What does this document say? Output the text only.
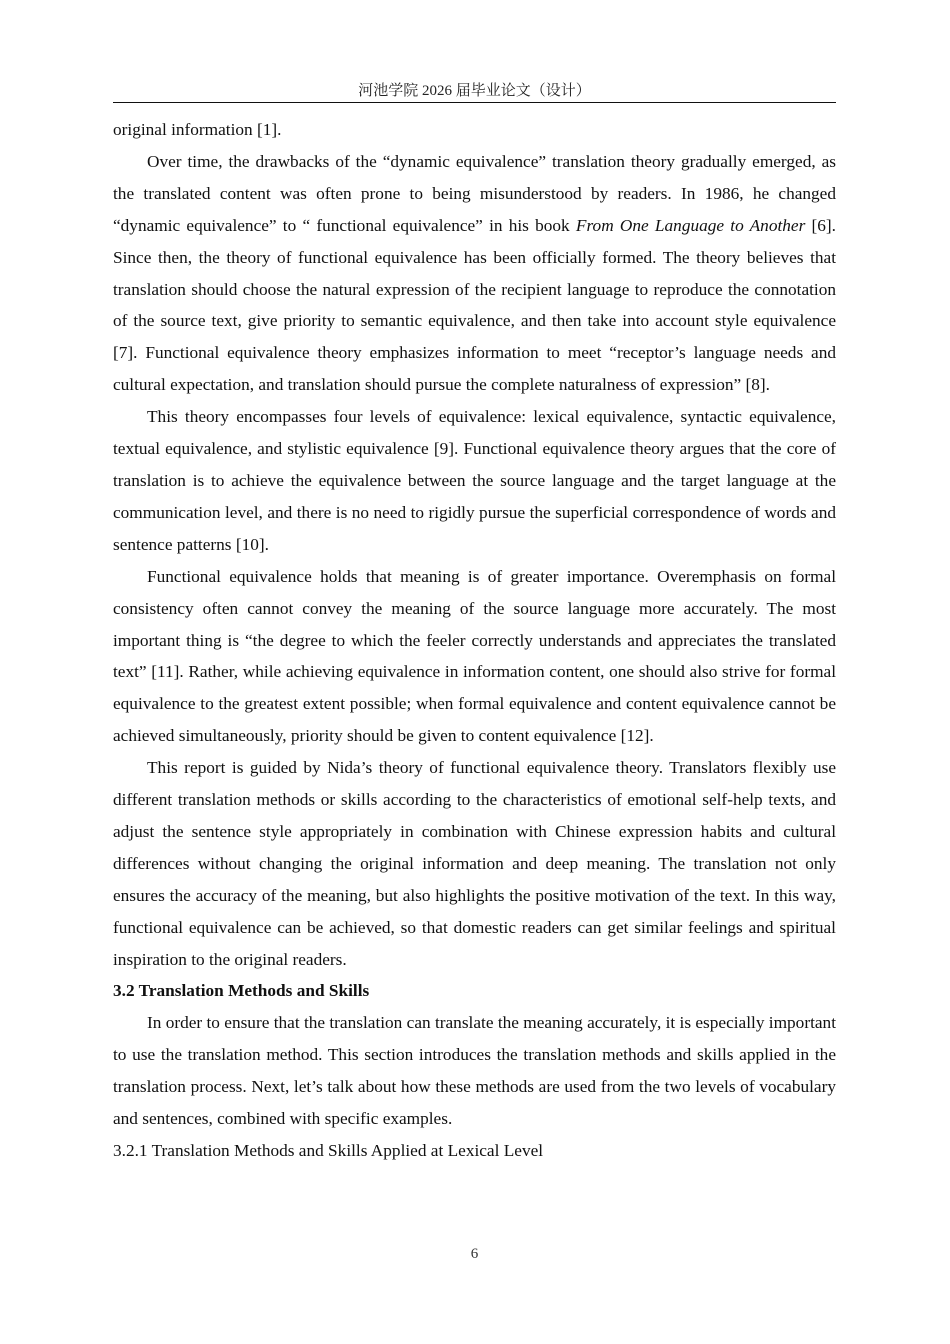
河池学院 2026 届毕业论文（设计）

original information [1].

Over time, the drawbacks of the “dynamic equivalence” translation theory gradually emerged, as the translated content was often prone to being misunderstood by readers. In 1986, he changed “dynamic equivalence” to “ functional equivalence” in his book From One Language to Another [6]. Since then, the theory of functional equivalence has been officially formed. The theory believes that translation should choose the natural expression of the recipient language to reproduce the connotation of the source text, give priority to semantic equivalence, and then take into account style equivalence [7]. Functional equivalence theory emphasizes information to meet “receptor’s language needs and cultural expectation, and translation should pursue the complete naturalness of expression” [8].

This theory encompasses four levels of equivalence: lexical equivalence, syntactic equivalence, textual equivalence, and stylistic equivalence [9]. Functional equivalence theory argues that the core of translation is to achieve the equivalence between the source language and the target language at the communication level, and there is no need to rigidly pursue the superficial correspondence of words and sentence patterns [10].

Functional equivalence holds that meaning is of greater importance. Overemphasis on formal consistency often cannot convey the meaning of the source language more accurately. The most important thing is “the degree to which the feeler correctly understands and appreciates the translated text” [11]. Rather, while achieving equivalence in information content, one should also strive for formal equivalence to the greatest extent possible; when formal equivalence and content equivalence cannot be achieved simultaneously, priority should be given to content equivalence [12].

This report is guided by Nida’s theory of functional equivalence theory. Translators flexibly use different translation methods or skills according to the characteristics of emotional self-help texts, and adjust the sentence style appropriately in combination with Chinese expression habits and cultural differences without changing the original information and deep meaning. The translation not only ensures the accuracy of the meaning, but also highlights the positive motivation of the text. In this way, functional equivalence can be achieved, so that domestic readers can get similar feelings and spiritual inspiration to the original readers.

3.2 Translation Methods and Skills

In order to ensure that the translation can translate the meaning accurately, it is especially important to use the translation method. This section introduces the translation methods and skills applied in the translation process. Next, let’s talk about how these methods are used from the two levels of vocabulary and sentences, combined with specific examples.

3.2.1 Translation Methods and Skills Applied at Lexical Level

6
